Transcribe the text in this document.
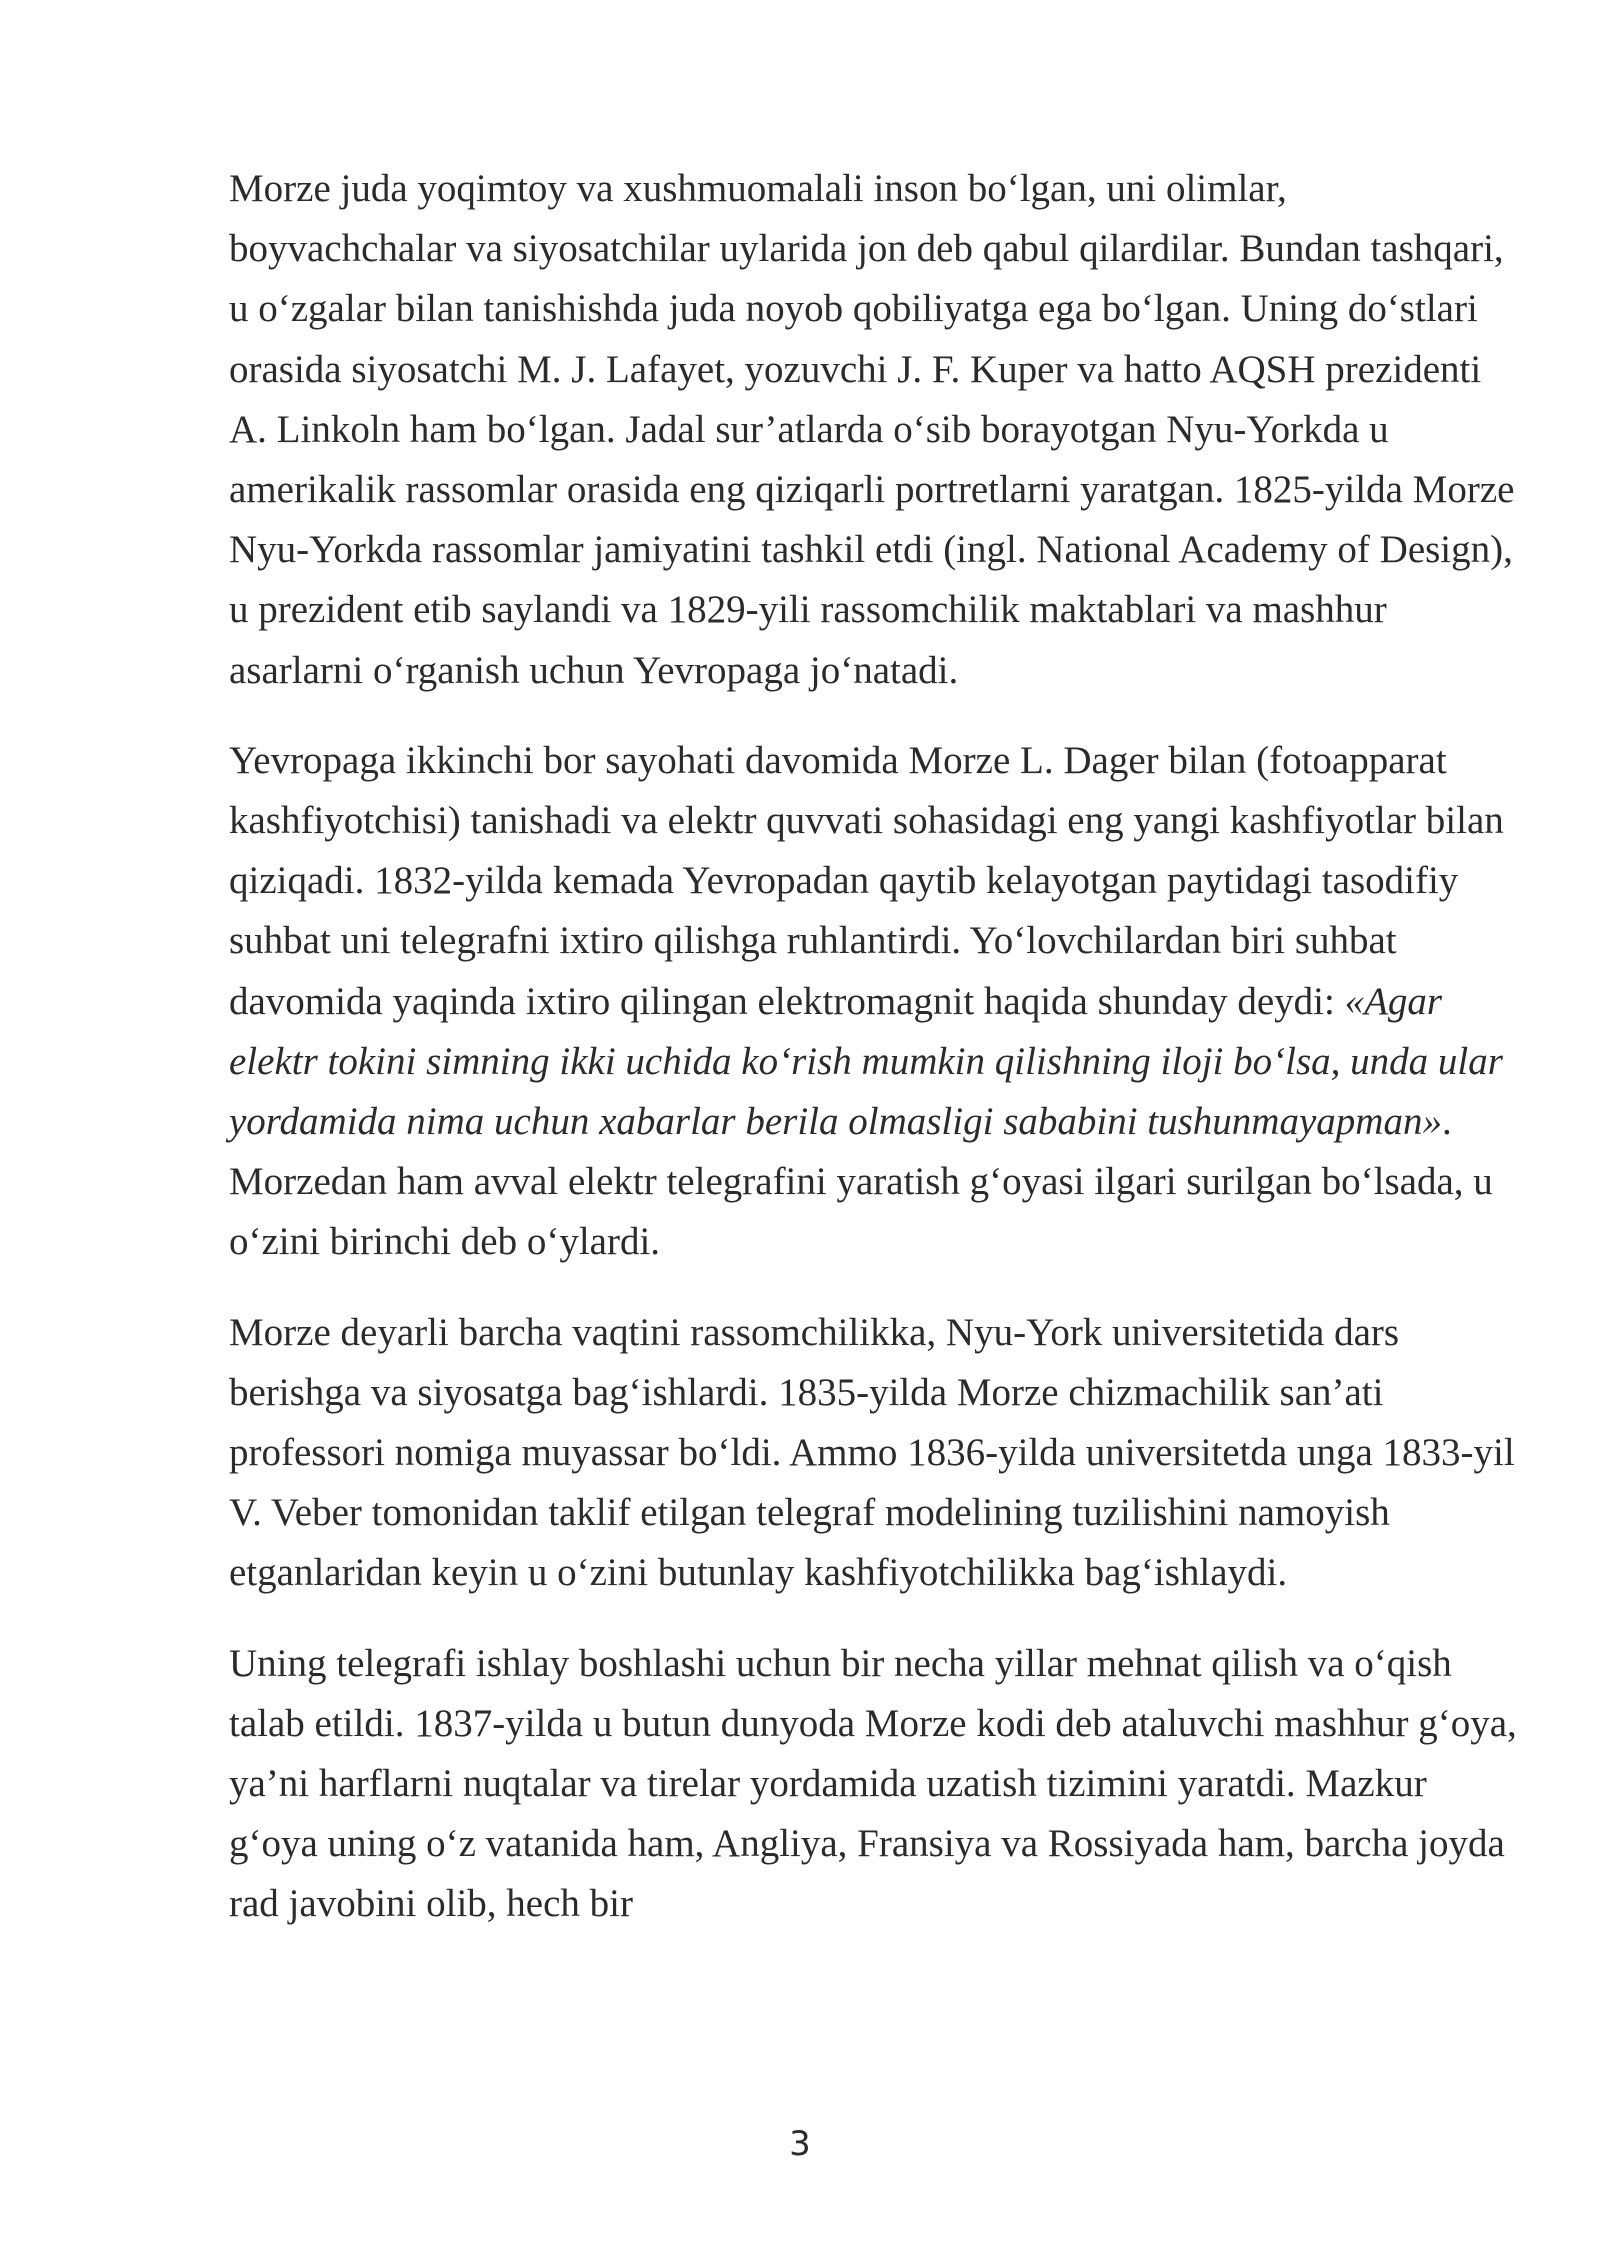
Morze juda yoqimtoy va xushmuomalali inson boʻlgan, uni olimlar, boyvachchalar va siyosatchilar uylarida jon deb qabul qilardilar. Bundan tashqari, u oʻzgalar bilan tanishishda juda noyob qobiliyatga ega boʻlgan. Uning doʻstlari orasida siyosatchi M. J. Lafayet, yozuvchi J. F. Kuper va hatto AQSH prezidenti A. Linkoln ham boʻlgan. Jadal sur’atlarda oʻsib borayotgan Nyu-Yorkda u amerikalik rassomlar orasida eng qiziqarli portretlarni yaratgan. 1825-yilda Morze Nyu-Yorkda rassomlar jamiyatini tashkil etdi (ingl. National Academy of Design), u prezident etib saylandi va 1829-yili rassomchilik maktablari va mashhur asarlarni oʻrganish uchun Yevropaga joʻnatadi.

Yevropaga ikkinchi bor sayohati davomida Morze L. Dager bilan (fotoapparat kashfiyotchisi) tanishadi va elektr quvvati sohasidagi eng yangi kashfiyotlar bilan qiziqadi. 1832-yilda kemada Yevropadan qaytib kelayotgan paytidagi tasodifiy suhbat uni telegrafni ixtiro qilishga ruhlantirdi. Yoʻlovchilardan biri suhbat davomida yaqinda ixtiro qilingan elektromagnit haqida shunday deydi: «Agar elektr tokini simning ikki uchida koʻrish mumkin qilishning iloji boʻlsa, unda ular yordamida nima uchun xabarlar berila olmasligi sababini tushunmayapman». Morzedan ham avval elektr telegrafini yaratish gʻoyasi ilgari surilgan boʻlsada, u oʻzini birinchi deb oʻylardi.

Morze deyarli barcha vaqtini rassomchilikka, Nyu-York universitetida dars berishga va siyosatga bagʻishlardi. 1835-yilda Morze chizmachilik san’ati professori nomiga muyassar boʻldi. Ammo 1836-yilda universitetda unga 1833-yil V. Veber tomonidan taklif etilgan telegraf modelining tuzilishini namoyish etganlaridan keyin u oʻzini butunlay kashfiyotchilikka bagʻishlaydi.

Uning telegrafi ishlay boshlashi uchun bir necha yillar mehnat qilish va oʻqish talab etildi. 1837-yilda u butun dunyoda Morze kodi deb ataluvchi mashhur gʻoya, ya’ni harflarni nuqtalar va tirelar yordamida uzatish tizimini yaratdi. Mazkur gʻoya uning oʻz vatanida ham, Angliya, Fransiya va Rossiyada ham, barcha joyda rad javobini olib, hech bir

3
